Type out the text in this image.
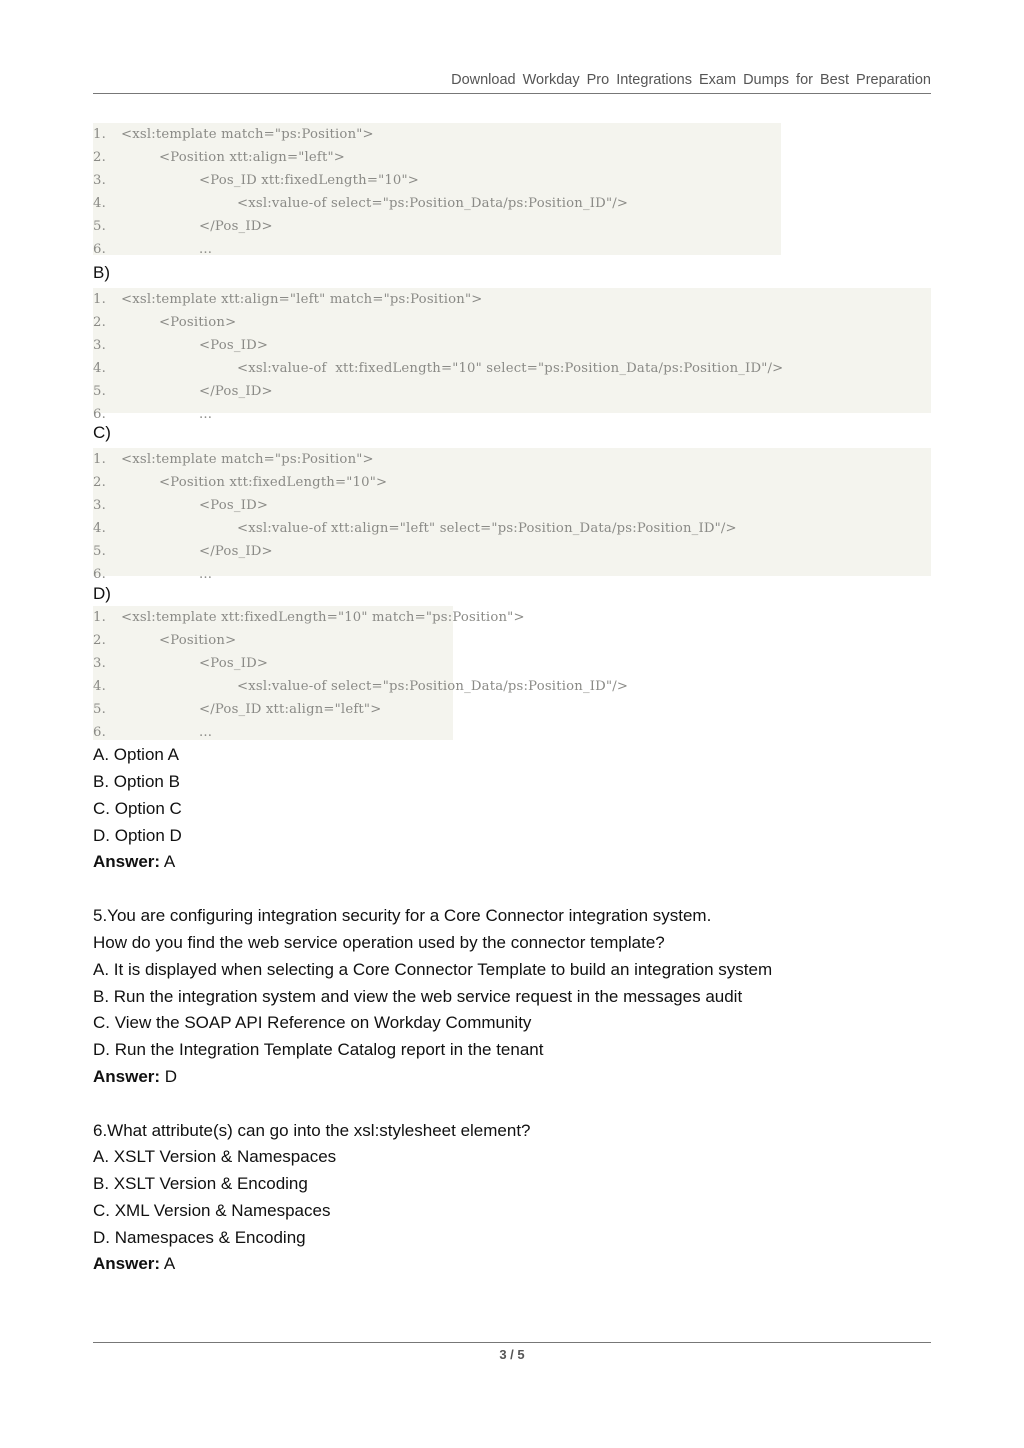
Download Workday Pro Integrations Exam Dumps for Best Preparation
1. <xsl:template match="ps:Position">
2.	<Position xtt:align="left">
3.	<Pos_ID xtt:fixedLength="10">
4.	<xsl:value-of select="ps:Position_Data/ps:Position_ID"/>
5.	</Pos_ID>
6.	...
B)
1. <xsl:template xtt:align="left" match="ps:Position">
2.	<Position>
3.	<Pos_ID>
4.	<xsl:value-of  xtt:fixedLength="10" select="ps:Position_Data/ps:Position_ID"/>
5.	</Pos_ID>
6.	...
C)
1. <xsl:template match="ps:Position">
2.	<Position xtt:fixedLength="10">
3.	<Pos_ID>
4.	<xsl:value-of xtt:align="left" select="ps:Position_Data/ps:Position_ID"/>
5.	</Pos_ID>
6.	...
D)
1. <xsl:template xtt:fixedLength="10" match="ps:Position">
2.	<Position>
3.	<Pos_ID>
4.	<xsl:value-of select="ps:Position_Data/ps:Position_ID"/>
5.	</Pos_ID xtt:align="left">
6.	...
A. Option A
B. Option B
C. Option C
D. Option D
Answer: A
5.You are configuring integration security for a Core Connector integration system.
How do you find the web service operation used by the connector template?
A. It is displayed when selecting a Core Connector Template to build an integration system
B. Run the integration system and view the web service request in the messages audit
C. View the SOAP API Reference on Workday Community
D. Run the Integration Template Catalog report in the tenant
Answer: D
6.What attribute(s) can go into the xsl:stylesheet element?
A. XSLT Version & Namespaces
B. XSLT Version & Encoding
C. XML Version & Namespaces
D. Namespaces & Encoding
Answer: A
3 / 5
